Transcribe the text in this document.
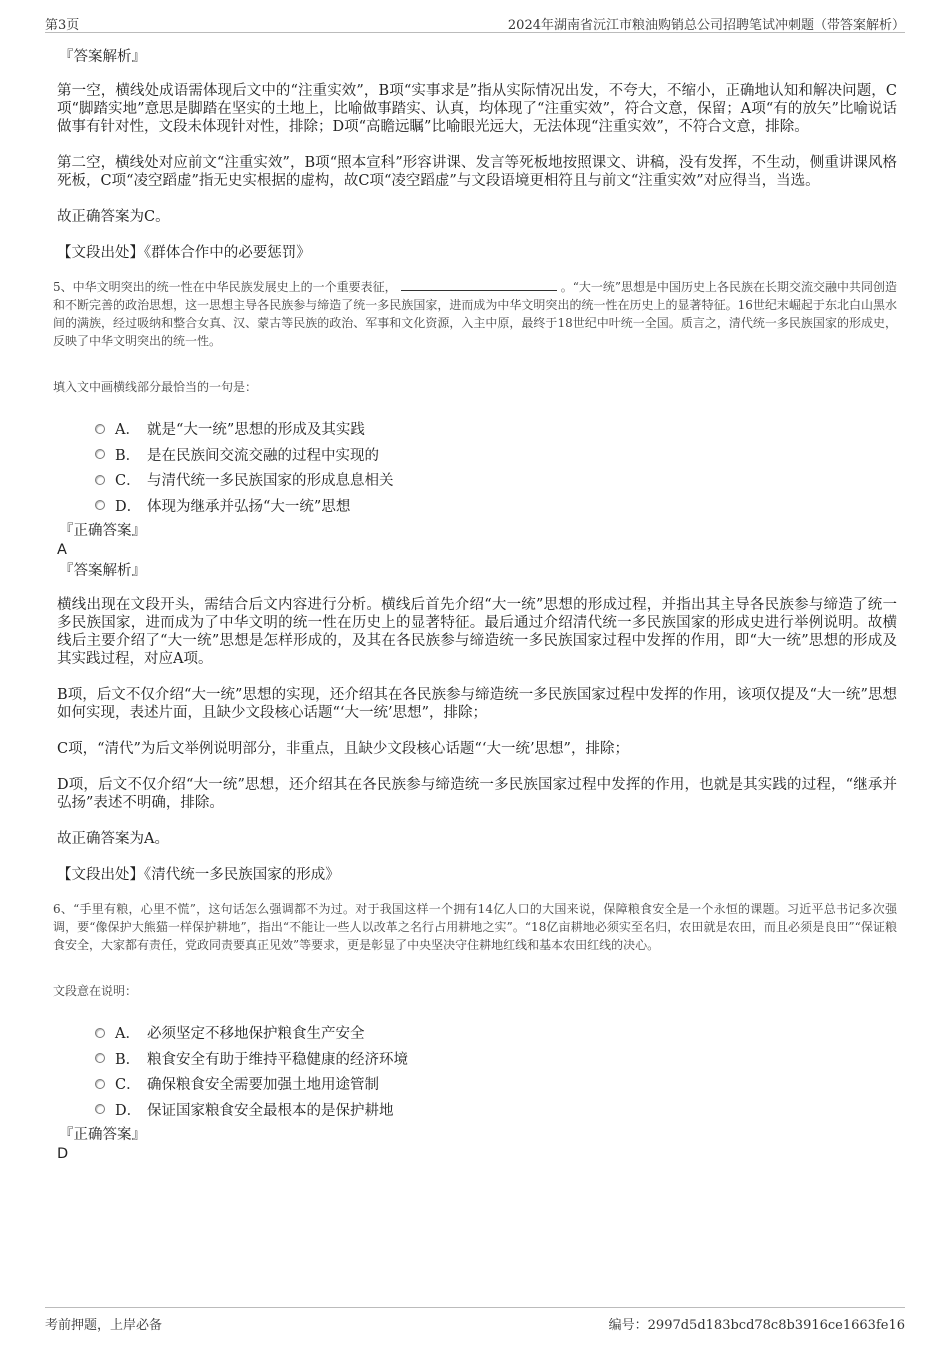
第3页	2024年湖南省沅江市粮油购销总公司招聘笔试冲刺题（带答案解析）
『答案解析』
第一空，横线处成语需体现后文中的“注重实效”，B项“实事求是”指从实际情况出发，不夸大，不缩小，正确地认知和解决问题，C项“脚踏实地”意思是脚踏在坚实的土地上，比喻做事踏实、认真，均体现了“注重实效”，符合文意，保留；A项“有的放矢”比喻说话做事有针对性，文段未体现针对性，排除；D项“高瞻远瞩”比喻眼光远大，无法体现“注重实效”，不符合文意，排除。
第二空，横线处对应前文“注重实效”，B项“照本宣科”形容讲课、发言等死板地按照课文、讲稿，没有发挥，不生动，侧重讲课风格死板，C项“凌空蹈虚”指无史实根据的虚构，故C项“凌空蹈虚”与文段语境更相符且与前文“注重实效”对应得当，当选。
故正确答案为C。
【文段出处】《群体合作中的必要惩罚》
5、中华文明突出的统一性在中华民族发展史上的一个重要表征，	。“大一统”思想是中国历史上各民族在长期交流交融中共同创造和不断完善的政治思想，这一思想主导各民族参与缔造了统一多民族国家，进而成为中华文明突出的统一性在历史上的显著特征。16世纪末崛起于东北白山黑水间的满族，经过吸纳和整合女真、汉、蒙古等民族的政治、军事和文化资源，入主中原，最终于18世纪中叶统一全国。质言之，清代统一多民族国家的形成史，反映了中华文明突出的统一性。
填入文中画横线部分最恰当的一句是：
A． 就是“大一统”思想的形成及其实践
B． 是在民族间交流交融的过程中实现的
C． 与清代统一多民族国家的形成息息相关
D． 体现为继承并弘扬“大一统”思想
『正确答案』
A
『答案解析』
横线出现在文段开头，需结合后文内容进行分析。横线后首先介绍“大一统”思想的形成过程，并指出其主导各民族参与缔造了统一多民族国家，进而成为了中华文明的统一性在历史上的显著特征。最后通过介绍清代统一多民族国家的形成史进行举例说明。故横线后主要介绍了“大一统”思想是怎样形成的，及其在各民族参与缔造统一多民族国家过程中发挥的作用，即“大一统”思想的形成及其实践过程，对应A项。
B项，后文不仅介绍“大一统”思想的实现，还介绍其在各民族参与缔造统一多民族国家过程中发挥的作用，该项仅提及“大一统”思想如何实现，表述片面，且缺少文段核心话题“‘大一统’思想”，排除；
C项，“清代”为后文举例说明部分，非重点，且缺少文段核心话题“‘大一统’思想”，排除；
D项，后文不仅介绍“大一统”思想，还介绍其在各民族参与缔造统一多民族国家过程中发挥的作用，也就是其实践的过程，“继承并弘扬”表述不明确，排除。
故正确答案为A。
【文段出处】《清代统一多民族国家的形成》
6、“手里有粮，心里不慌”，这句话怎么强调都不为过。对于我国这样一个拥有14亿人口的大国来说，保障粮食安全是一个永恒的课题。习近平总书记多次强调，要“像保护大熊猫一样保护耕地”，指出“不能让一些人以改革之名行占用耕地之实”。“18亿亩耕地必须实至名归，农田就是农田，而且必须是良田”“保证粮食安全，大家都有责任，党政同责要真正见效”等要求，更是彰显了中央坚决守住耕地红线和基本农田红线的决心。
文段意在说明：
A． 必须坚定不移地保护粮食生产安全
B． 粮食安全有助于维持平稳健康的经济环境
C． 确保粮食安全需要加强土地用途管制
D． 保证国家粮食安全最根本的是保护耕地
『正确答案』
D
考前押题，上岸必备	编号：2997d5d183bcd78c8b3916ce1663fe16
